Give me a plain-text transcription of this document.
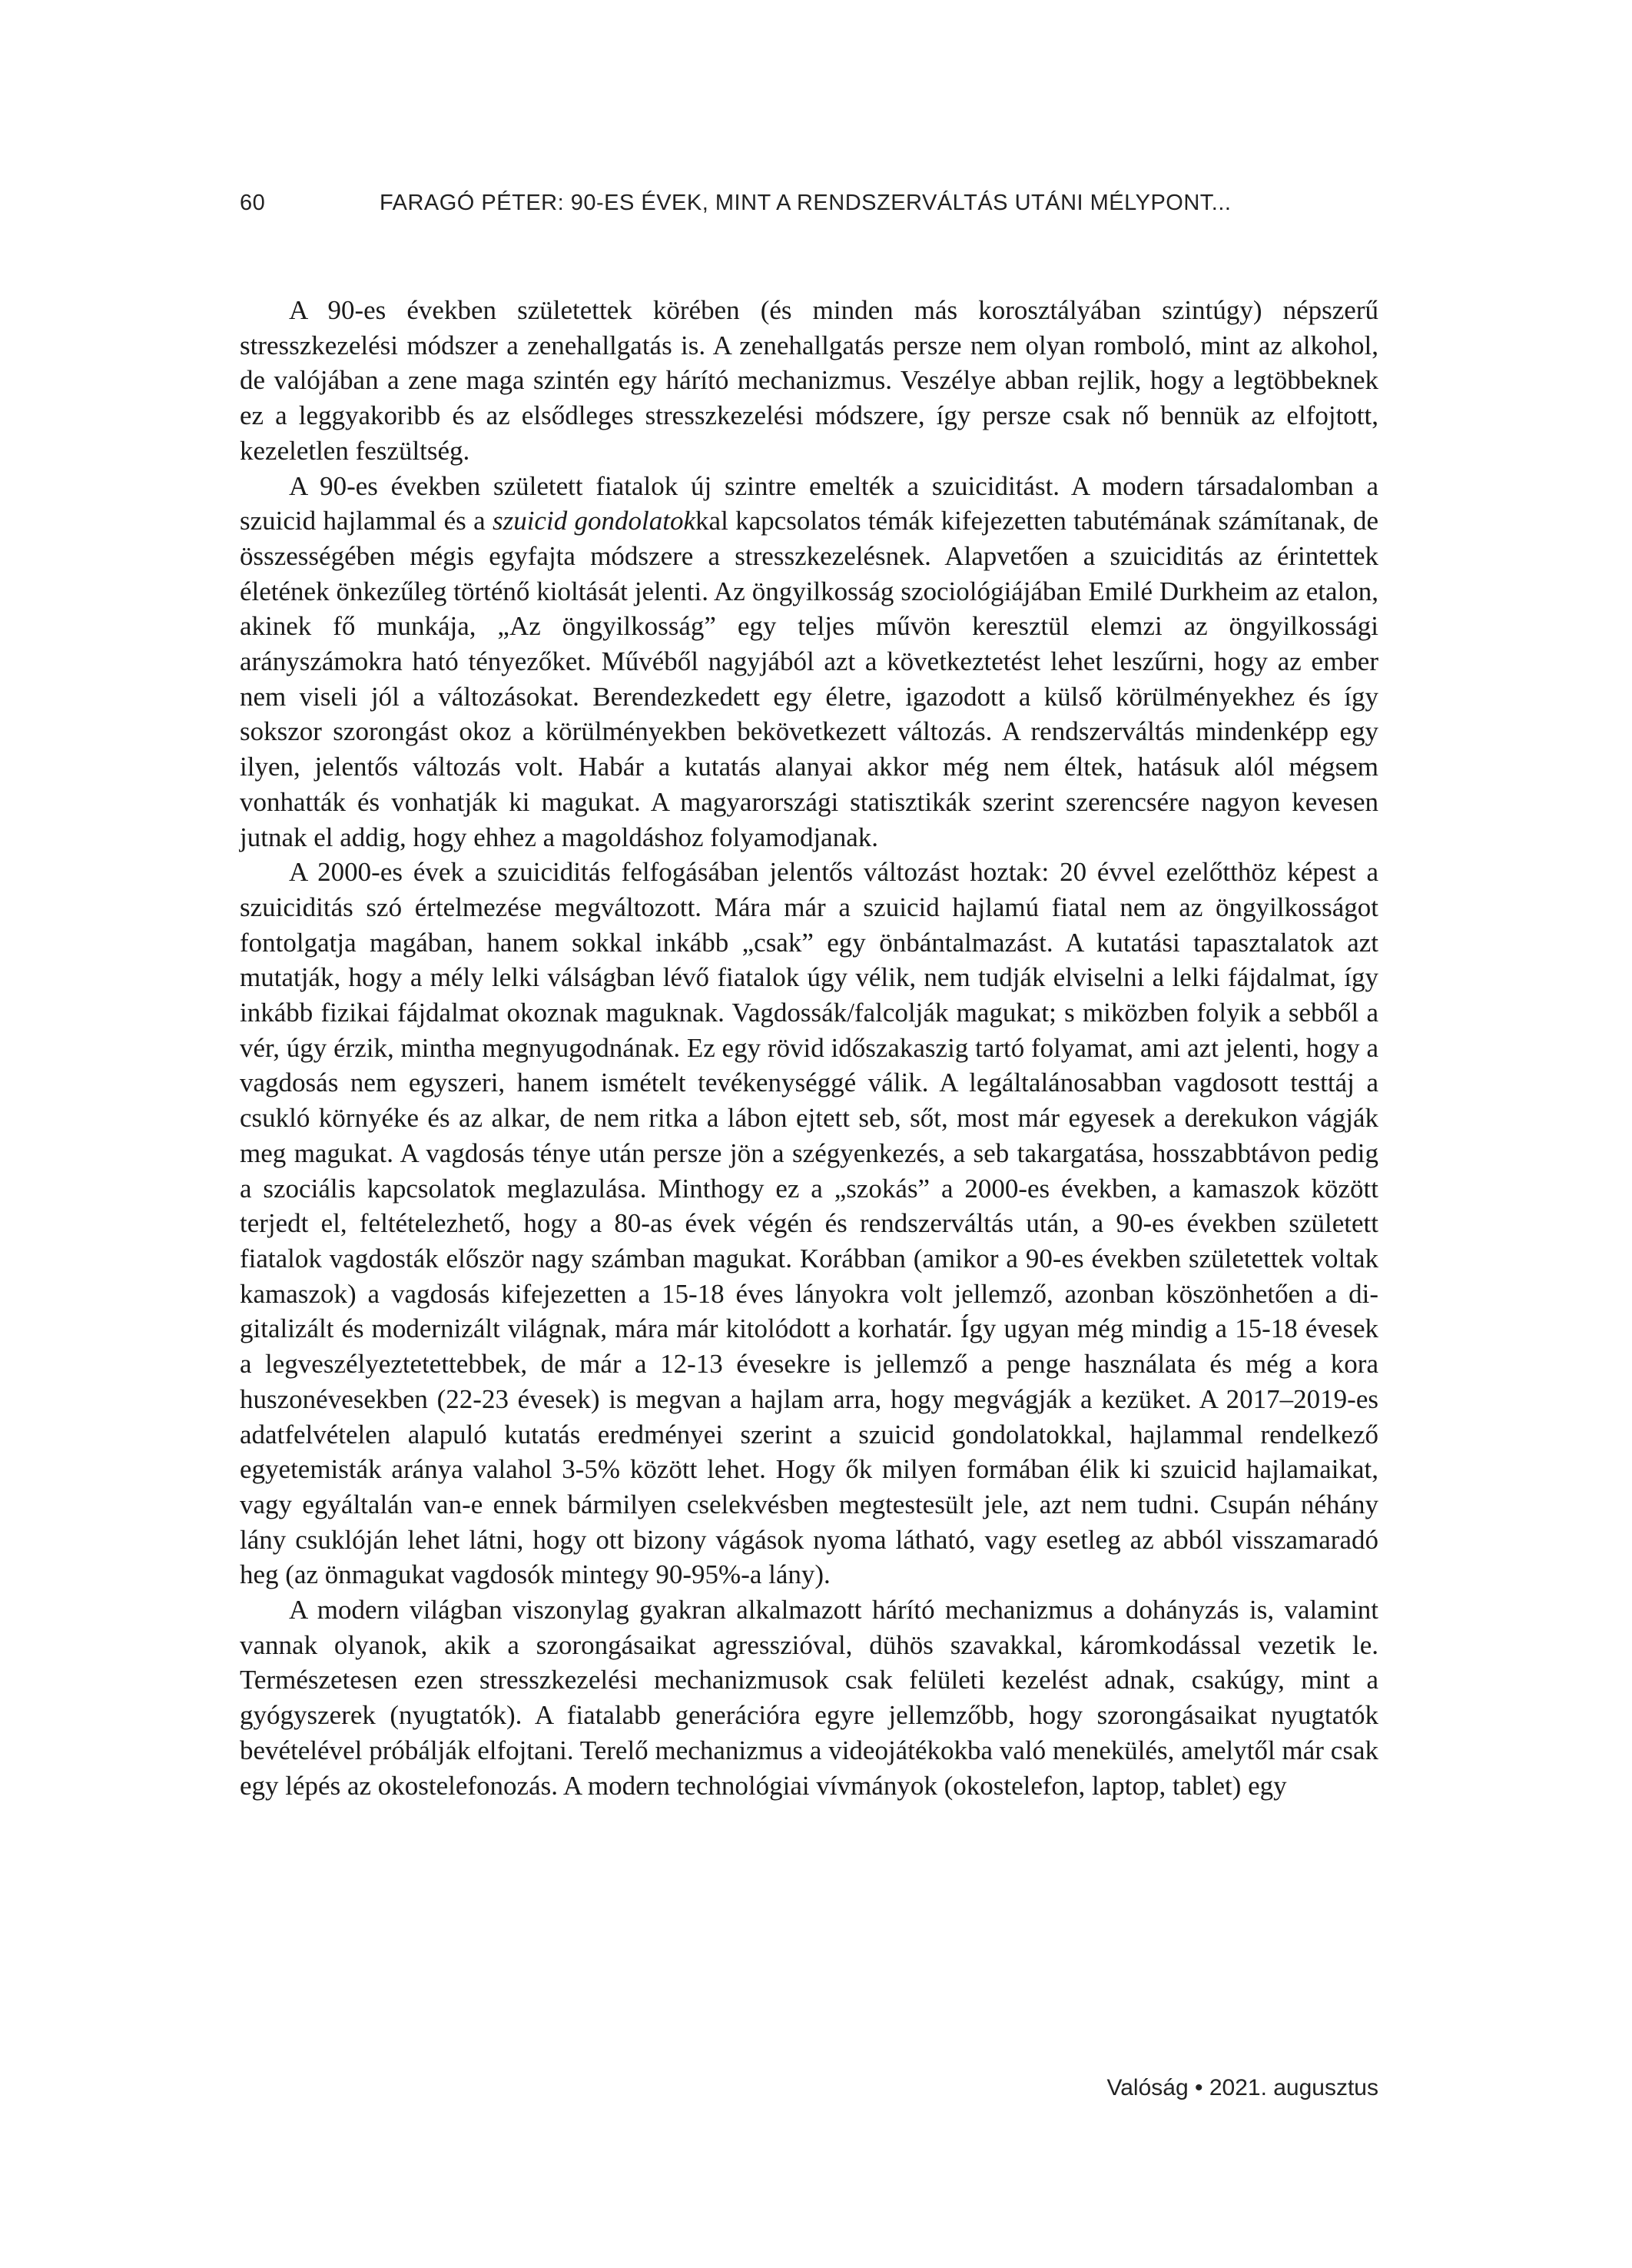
60	FARAGÓ PÉTER: 90-ES ÉVEK, MINT A RENDSZERVÁLTÁS UTÁNI MÉLYPONT...

A 90-es években születettek körében (és minden más korosztályában szintúgy) népszerű stresszkezelési módszer a zenehallgatás is. A zenehallgatás persze nem olyan romboló, mint az alkohol, de valójában a zene maga szintén egy hárító mechanizmus. Veszélye abban rejlik, hogy a legtöbbeknek ez a leggyakoribb és az elsődleges stresszkezelési módszere, így persze csak nő bennük az elfojtott, kezeletlen feszültség.

A 90-es években született fiatalok új szintre emelték a szuiciditást. A modern társadalomban a szuicid hajlammal és a szuicid gondolatokkal kapcsolatos témák kifejezetten tabutémának számítanak, de összességében mégis egyfajta módszere a stresszkezelésnek. Alapvetően a szuiciditás az érintettek életének önkezűleg történő kioltását jelenti. Az öngyilkosság szociológiájában Emilé Durkheim az etalon, akinek fő munkája, „Az öngyilkosság” egy teljes művön keresztül elemzi az öngyilkossági arányszámokra ható tényezőket. Művéből nagyjából azt a következtetést lehet leszűrni, hogy az ember nem viseli jól a változásokat. Berendezkedett egy életre, igazodott a külső körülményekhez és így sokszor szorongást okoz a körülményekben bekövetkezett változás. A rendszerváltás mindenképp egy ilyen, jelentős változás volt. Habár a kutatás alanyai akkor még nem éltek, hatásuk alól mégsem vonhatták és vonhatják ki magukat. A magyarországi statisztikák szerint szerencsére nagyon kevesen jutnak el addig, hogy ehhez a magoldáshoz folyamodjanak.

A 2000-es évek a szuiciditás felfogásában jelentős változást hoztak: 20 évvel ezelőtthöz képest a szuiciditás szó értelmezése megváltozott. Mára már a szuicid hajlamú fiatal nem az öngyilkosságot fontolgatja magában, hanem sokkal inkább „csak” egy önbántalmazást. A kutatási tapasztalatok azt mutatják, hogy a mély lelki válságban lévő fiatalok úgy vélik, nem tudják elviselni a lelki fájdalmat, így inkább fizikai fájdalmat okoznak maguknak. Vagdossák/falcolják magukat; s miközben folyik a sebből a vér, úgy érzik, mintha megnyugodnának. Ez egy rövid időszakaszig tartó folyamat, ami azt jelenti, hogy a vagdosás nem egyszeri, hanem ismételt tevékenységgé válik. A legáltalánosabban vagdosott testtáj a csukló környéke és az alkar, de nem ritka a lábon ejtett seb, sőt, most már egyesek a derekukon vágják meg magukat. A vagdosás ténye után persze jön a szégyenkezés, a seb takargatása, hosszabbtávon pedig a szociális kapcsolatok meglazulása. Minthogy ez a „szokás” a 2000-es években, a kamaszok között terjedt el, feltételezhető, hogy a 80-as évek végén és rendszerváltás után, a 90-es években született fiatalok vagdosták először nagy számban magukat. Korábban (amikor a 90-es években születettek voltak kamaszok) a vagdosás kifejezetten a 15-18 éves lányokra volt jellemző, azonban köszönhetően a digitalizált és modernizált világnak, mára már kitolódott a korhatár. Így ugyan még mindig a 15-18 évesek a legveszélyeztetettebbek, de már a 12-13 évesekre is jellemző a penge használata és még a kora huszonévesekben (22-23 évesek) is megvan a hajlam arra, hogy megvágják a kezüket. A 2017–2019-es adatfelvételen alapuló kutatás eredményei szerint a szuicid gondolatokkal, hajlammal rendelkező egyetemisták aránya valahol 3-5% között lehet. Hogy ők milyen formában élik ki szuicid hajlamaikat, vagy egyáltalán van-e ennek bármilyen cselekvésben megtestesült jele, azt nem tudni. Csupán néhány lány csuklóján lehet látni, hogy ott bizony vágások nyoma látható, vagy esetleg az abból visszamaradó heg (az önmagukat vagdosók mintegy 90-95%-a lány).

A modern világban viszonylag gyakran alkalmazott hárító mechanizmus a dohányzás is, valamint vannak olyanok, akik a szorongásaikat agresszióval, dühös szavakkal, káromkodással vezetik le. Természetesen ezen stresszkezelési mechanizmusok csak felületi kezelést adnak, csakúgy, mint a gyógyszerek (nyugtatók). A fiatalabb generációra egyre jellemzőbb, hogy szorongásaikat nyugtatók bevételével próbálják elfojtani. Terelő mechanizmus a videojátékokba való menekülés, amelytől már csak egy lépés az okostelefonozás. A modern technológiai vívmányok (okostelefon, laptop, tablet) egy

Valóság • 2021. augusztus
